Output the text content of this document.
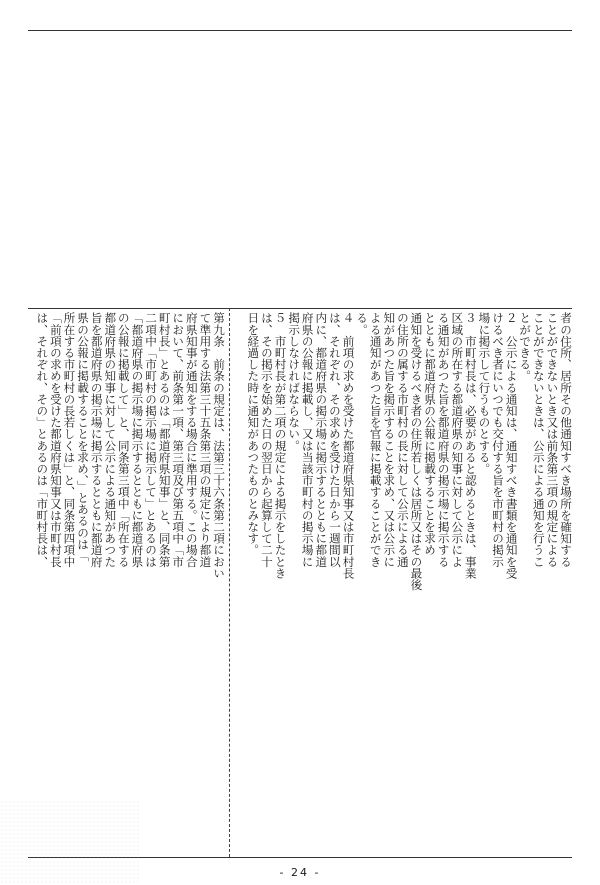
者の住所、居所その他通知すべき場所を確知する
ことができないとき又は前条第三項の規定による
ことができないときは、公示による通知を行うこ
とができる。
２　公示による通知は、通知すべき書類を通知を受
けるべき者にいつでも交付する旨を市町村の掲示
場に掲示して行うものとする。
３　市町村長は、必要があると認めるときは、事業
区域の所在する都道府県の知事に対して公示によ
る通知があつた旨を都道府県の掲示場に掲示する
とともに都道府県の公報に掲載することを求め
通知を受けるべき者の住所若しくは居所又はその最後
の住所の属する市町村の長に対して公示による通
知があつた旨を掲示することを求め、又は公示に
よる通知があつた旨を官報に掲載することができ
る。
４　前項の求めを受けた都道府県知事又は市町村長
は、それぞれ、その求めを受けた日から一週間以
内に、都道府県の掲示場に掲示するとともに都道
府県の公報に掲載し、又は当該市町村の掲示場に
掲示しなければならない。
５　市町村長が第二項の規定による掲示をしたとき
は、その掲示を始めた日の翌日から起算して二十
日を経過した時に通知があつたものとみなす。
第九条　前条の規定は、法第三十六条第二項におい
て準用する法第三十五条第三項の規定により都道
府県知事が通知をする場合に準用する。この場合
において、前条第一項、第三項及び第五項中「市
町村長」とあるのは「都道府県知事」と、同条第
二項中「市町村の掲示場に掲示して」とあるのは
「都道府県の掲示場に掲示するとともに都道府県
の公報に掲載して」と、同条第三項中「所在する
都道府県の知事に対して公示による通知があつた
旨を都道府県の掲示場に掲示するとともに都道府
県の公報に掲載することを求め、」とあるのは「
所在する市町村の長若しくは」と、同条第四項中
「前項の求めを受けた都道府県知事又は市町村長
は、それぞれ、その」とあるのは「市町村長は、
- 24 -
